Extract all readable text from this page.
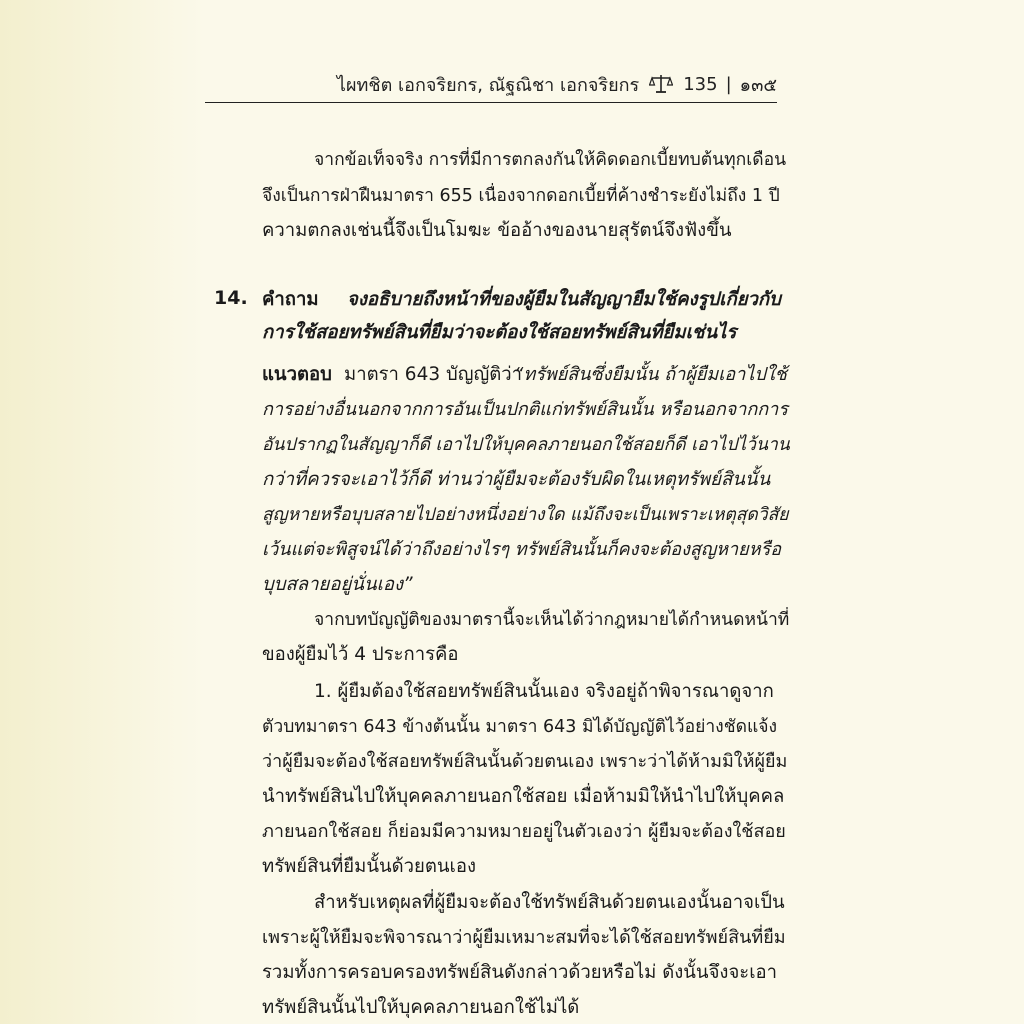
ไผทชิต เอกจริยกร, ณัฐณิชา เอกจริยกร 135 | ๑๓๕
จากข้อเท็จจริง การที่มีการตกลงกันให้คิดดอกเบี้ยทบต้นทุกเดือน
จึงเป็นการฝ่าฝืนมาตรา 655 เนื่องจากดอกเบี้ยที่ค้างชำระยังไม่ถึง 1 ปี
ความตกลงเช่นนี้จึงเป็นโมฆะ ข้ออ้างของนายสุรัตน์จึงฟังขึ้น
14. คำถาม จงอธิบายถึงหน้าที่ของผู้ยืมในสัญญายืมใช้คงรูปเกี่ยวกับ
การใช้สอยทรัพย์สินที่ยืมว่าจะต้องใช้สอยทรัพย์สินที่ยืมเช่นไร
แนวตอบ มาตรา 643 บัญญัติว่า
“ทรัพย์สินซึ่งยืมนั้น ถ้าผู้ยืมเอาไปใช้
การอย่างอื่นนอกจากการอันเป็นปกติแก่ทรัพย์สินนั้น หรือนอกจากการ
อันปรากฏในสัญญาก็ดี เอาไปให้บุคคลภายนอกใช้สอยก็ดี เอาไปไว้นาน
กว่าที่ควรจะเอาไว้ก็ดี ท่านว่าผู้ยืมจะต้องรับผิดในเหตุทรัพย์สินนั้น
สูญหายหรือบุบสลายไปอย่างหนึ่งอย่างใด แม้ถึงจะเป็นเพราะเหตุสุดวิสัย
เว้นแต่จะพิสูจน์ได้ว่าถึงอย่างไรๆ ทรัพย์สินนั้นก็คงจะต้องสูญหายหรือ
บุบสลายอยู่นั่นเอง”
จากบทบัญญัติของมาตรานี้จะเห็นได้ว่ากฎหมายได้กำหนดหน้าที่
ของผู้ยืมไว้ 4 ประการคือ
1. ผู้ยืมต้องใช้สอยทรัพย์สินนั้นเอง จริงอยู่ถ้าพิจารณาดูจาก
ตัวบทมาตรา 643 ข้างต้นนั้น มาตรา 643 มิได้บัญญัติไว้อย่างชัดแจ้ง
ว่าผู้ยืมจะต้องใช้สอยทรัพย์สินนั้นด้วยตนเอง เพราะว่าได้ห้ามมิให้ผู้ยืม
นำทรัพย์สินไปให้บุคคลภายนอกใช้สอย เมื่อห้ามมิให้นำไปให้บุคคล
ภายนอกใช้สอย ก็ย่อมมีความหมายอยู่ในตัวเองว่า ผู้ยืมจะต้องใช้สอย
ทรัพย์สินที่ยืมนั้นด้วยตนเอง
สำหรับเหตุผลที่ผู้ยืมจะต้องใช้ทรัพย์สินด้วยตนเองนั้นอาจเป็น
เพราะผู้ให้ยืมจะพิจารณาว่าผู้ยืมเหมาะสมที่จะได้ใช้สอยทรัพย์สินที่ยืม
รวมทั้งการครอบครองทรัพย์สินดังกล่าวด้วยหรือไม่ ดังนั้นจึงจะเอา
ทรัพย์สินนั้นไปให้บุคคลภายนอกใช้ไม่ได้
